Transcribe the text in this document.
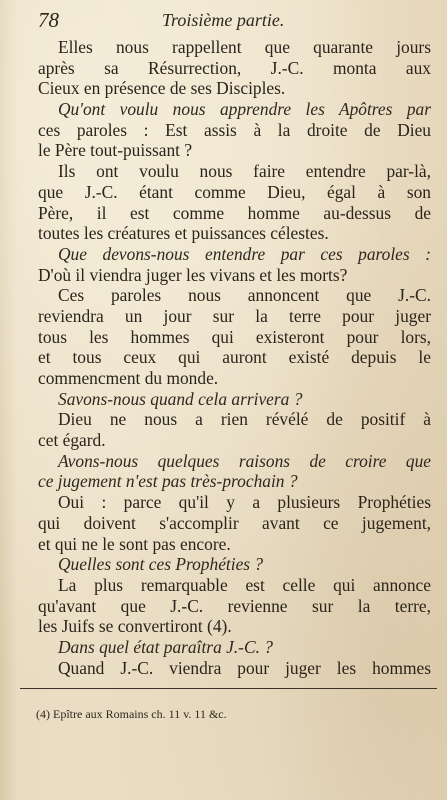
78	Troisième partie.
Elles nous rappellent que quarante jours
après sa Résurrection, J.-C. monta aux
Cieux en présence de ses Disciples.
Qu'ont voulu nous apprendre les Apôtres par
ces paroles : Est assis à la droite de Dieu
le Père tout-puissant ?
Ils ont voulu nous faire entendre par-là,
que J.-C. étant comme Dieu, égal à son
Père, il est comme homme au-dessus de
toutes les créatures et puissances célestes.
Que devons-nous entendre par ces paroles :
D'où il viendra juger les vivans et les morts?
Ces paroles nous annoncent que J.-C.
reviendra un jour sur la terre pour juger
tous les hommes qui existeront pour lors,
et tous ceux qui auront existé depuis le
commencment du monde.
Savons-nous quand cela arrivera ?
Dieu ne nous a rien révélé de positif à
cet égard.
Avons-nous quelques raisons de croire que
ce jugement n'est pas très-prochain ?
Oui : parce qu'il y a plusieurs Prophéties
qui doivent s'accomplir avant ce jugement,
et qui ne le sont pas encore.
Quelles sont ces Prophéties ?
La plus remarquable est celle qui annonce
qu'avant que J.-C. revienne sur la terre,
les Juifs se convertiront (4).
Dans quel état paraîtra J.-C. ?
Quand J.-C. viendra pour juger les hommes
(4) Epître aux Romains ch. 11 v. 11 &c.
